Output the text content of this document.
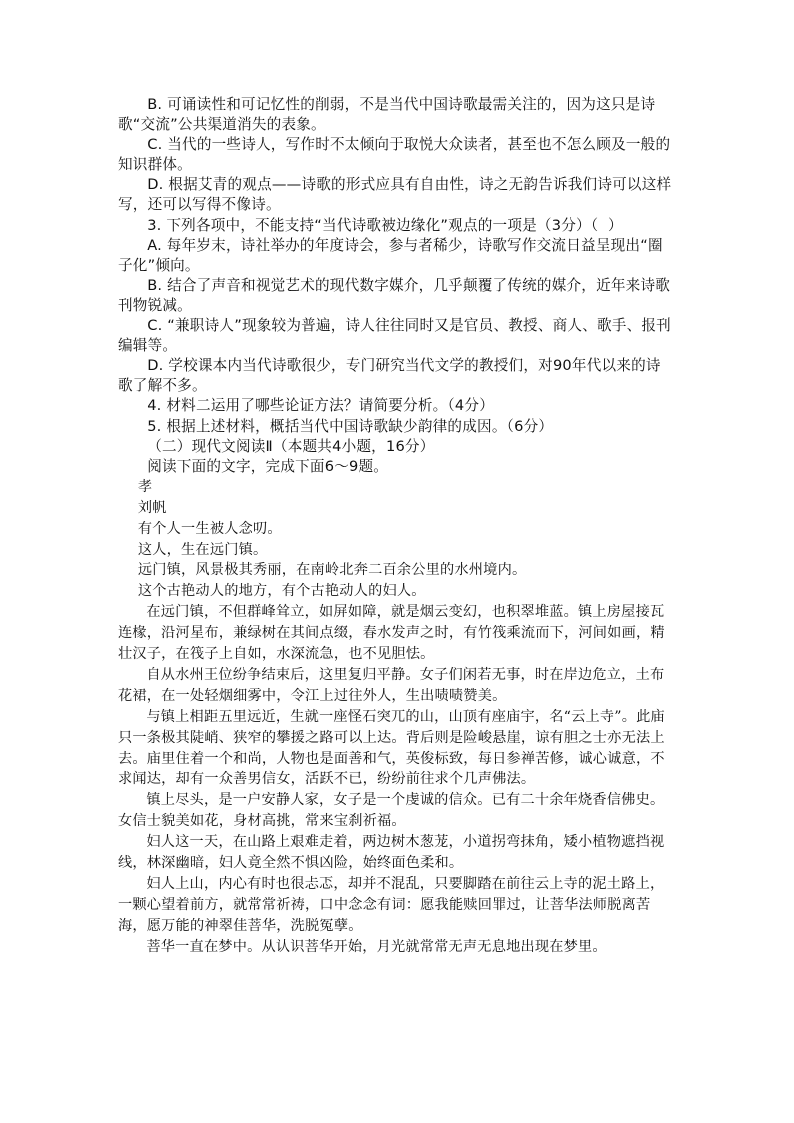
B. 可诵读性和可记忆性的削弱，不是当代中国诗歌最需关注的，因为这只是诗歌“交流”公共渠道消失的表象。

C. 当代的一些诗人，写作时不太倾向于取悦大众读者，甚至也不怎么顾及一般的知识群体。

D. 根据艾青的观点——诗歌的形式应具有自由性，诗之无韵告诉我们诗可以这样写，还可以写得不像诗。

3. 下列各项中，不能支持“当代诗歌被边缘化”观点的一项是（3分）（  ）

A. 每年岁末，诗社举办的年度诗会，参与者稀少，诗歌写作交流日益呈现出“圈子化”倾向。

B. 结合了声音和视觉艺术的现代数字媒介，几乎颠覆了传统的媒介，近年来诗歌刊物锐减。

C. “兼职诗人”现象较为普遍，诗人往往同时又是官员、教授、商人、歌手、报刊编辑等。

D. 学校课本内当代诗歌很少，专门研究当代文学的教授们，对90年代以来的诗歌了解不多。

4. 材料二运用了哪些论证方法？请简要分析。（4分）

5. 根据上述材料，概括当代中国诗歌缺少韵律的成因。（6分）

（二）现代文阅读Ⅱ（本题共4小题，16分）

阅读下面的文字，完成下面6～9题。

孝

刘帆

有个人一生被人念叨。

这人，生在远门镇。

远门镇，风景极其秀丽，在南岭北奔二百余公里的水州境内。

这个古艳动人的地方，有个古艳动人的妇人。

在远门镇，不但群峰耸立，如屏如障，就是烟云变幻，也积翠堆蓝。镇上房屋接瓦连椽，沿河星布，兼绿树在其间点缀，春水发声之时，有竹筏乘流而下，河间如画，精壮汉子，在筏子上自如，水深流急，也不见胆怯。

自从水州王位纷争结束后，这里复归平静。女子们闲若无事，时在岸边危立，土布花裙，在一处轻烟细雾中，令江上过往外人，生出啧啧赞美。

与镇上相距五里远近，生就一座怪石突兀的山，山顶有座庙宇，名“云上寺”。此庙只一条极其陡峭、狭窄的攀援之路可以上达。背后则是险峻悬崖，谅有胆之士亦无法上去。庙里住着一个和尚，人物也是面善和气，英俊标致，每日参禅苦修，诚心诚意，不求闻达，却有一众善男信女，活跃不已，纷纷前往求个几声佛法。

镇上尽头，是一户安静人家，女子是一个虔诚的信众。已有二十余年烧香信佛史。女信士貌美如花，身材高挑，常来宝刹祈福。

妇人这一天，在山路上艰难走着，两边树木葱茏，小道拐弯抹角，矮小植物遮挡视线，林深幽暗，妇人竟全然不惧凶险，始终面色柔和。

妇人上山，内心有时也很忐忑，却并不混乱，只要脚踏在前往云上寺的泥土路上，一颗心望着前方，就常常祈祷，口中念念有词：愿我能赎回罪过，让菩华法师脱离苦海，愿万能的神翠佳菩华，洗脱冤孽。

菩华一直在梦中。从认识菩华开始，月光就常常无声无息地出现在梦里。
